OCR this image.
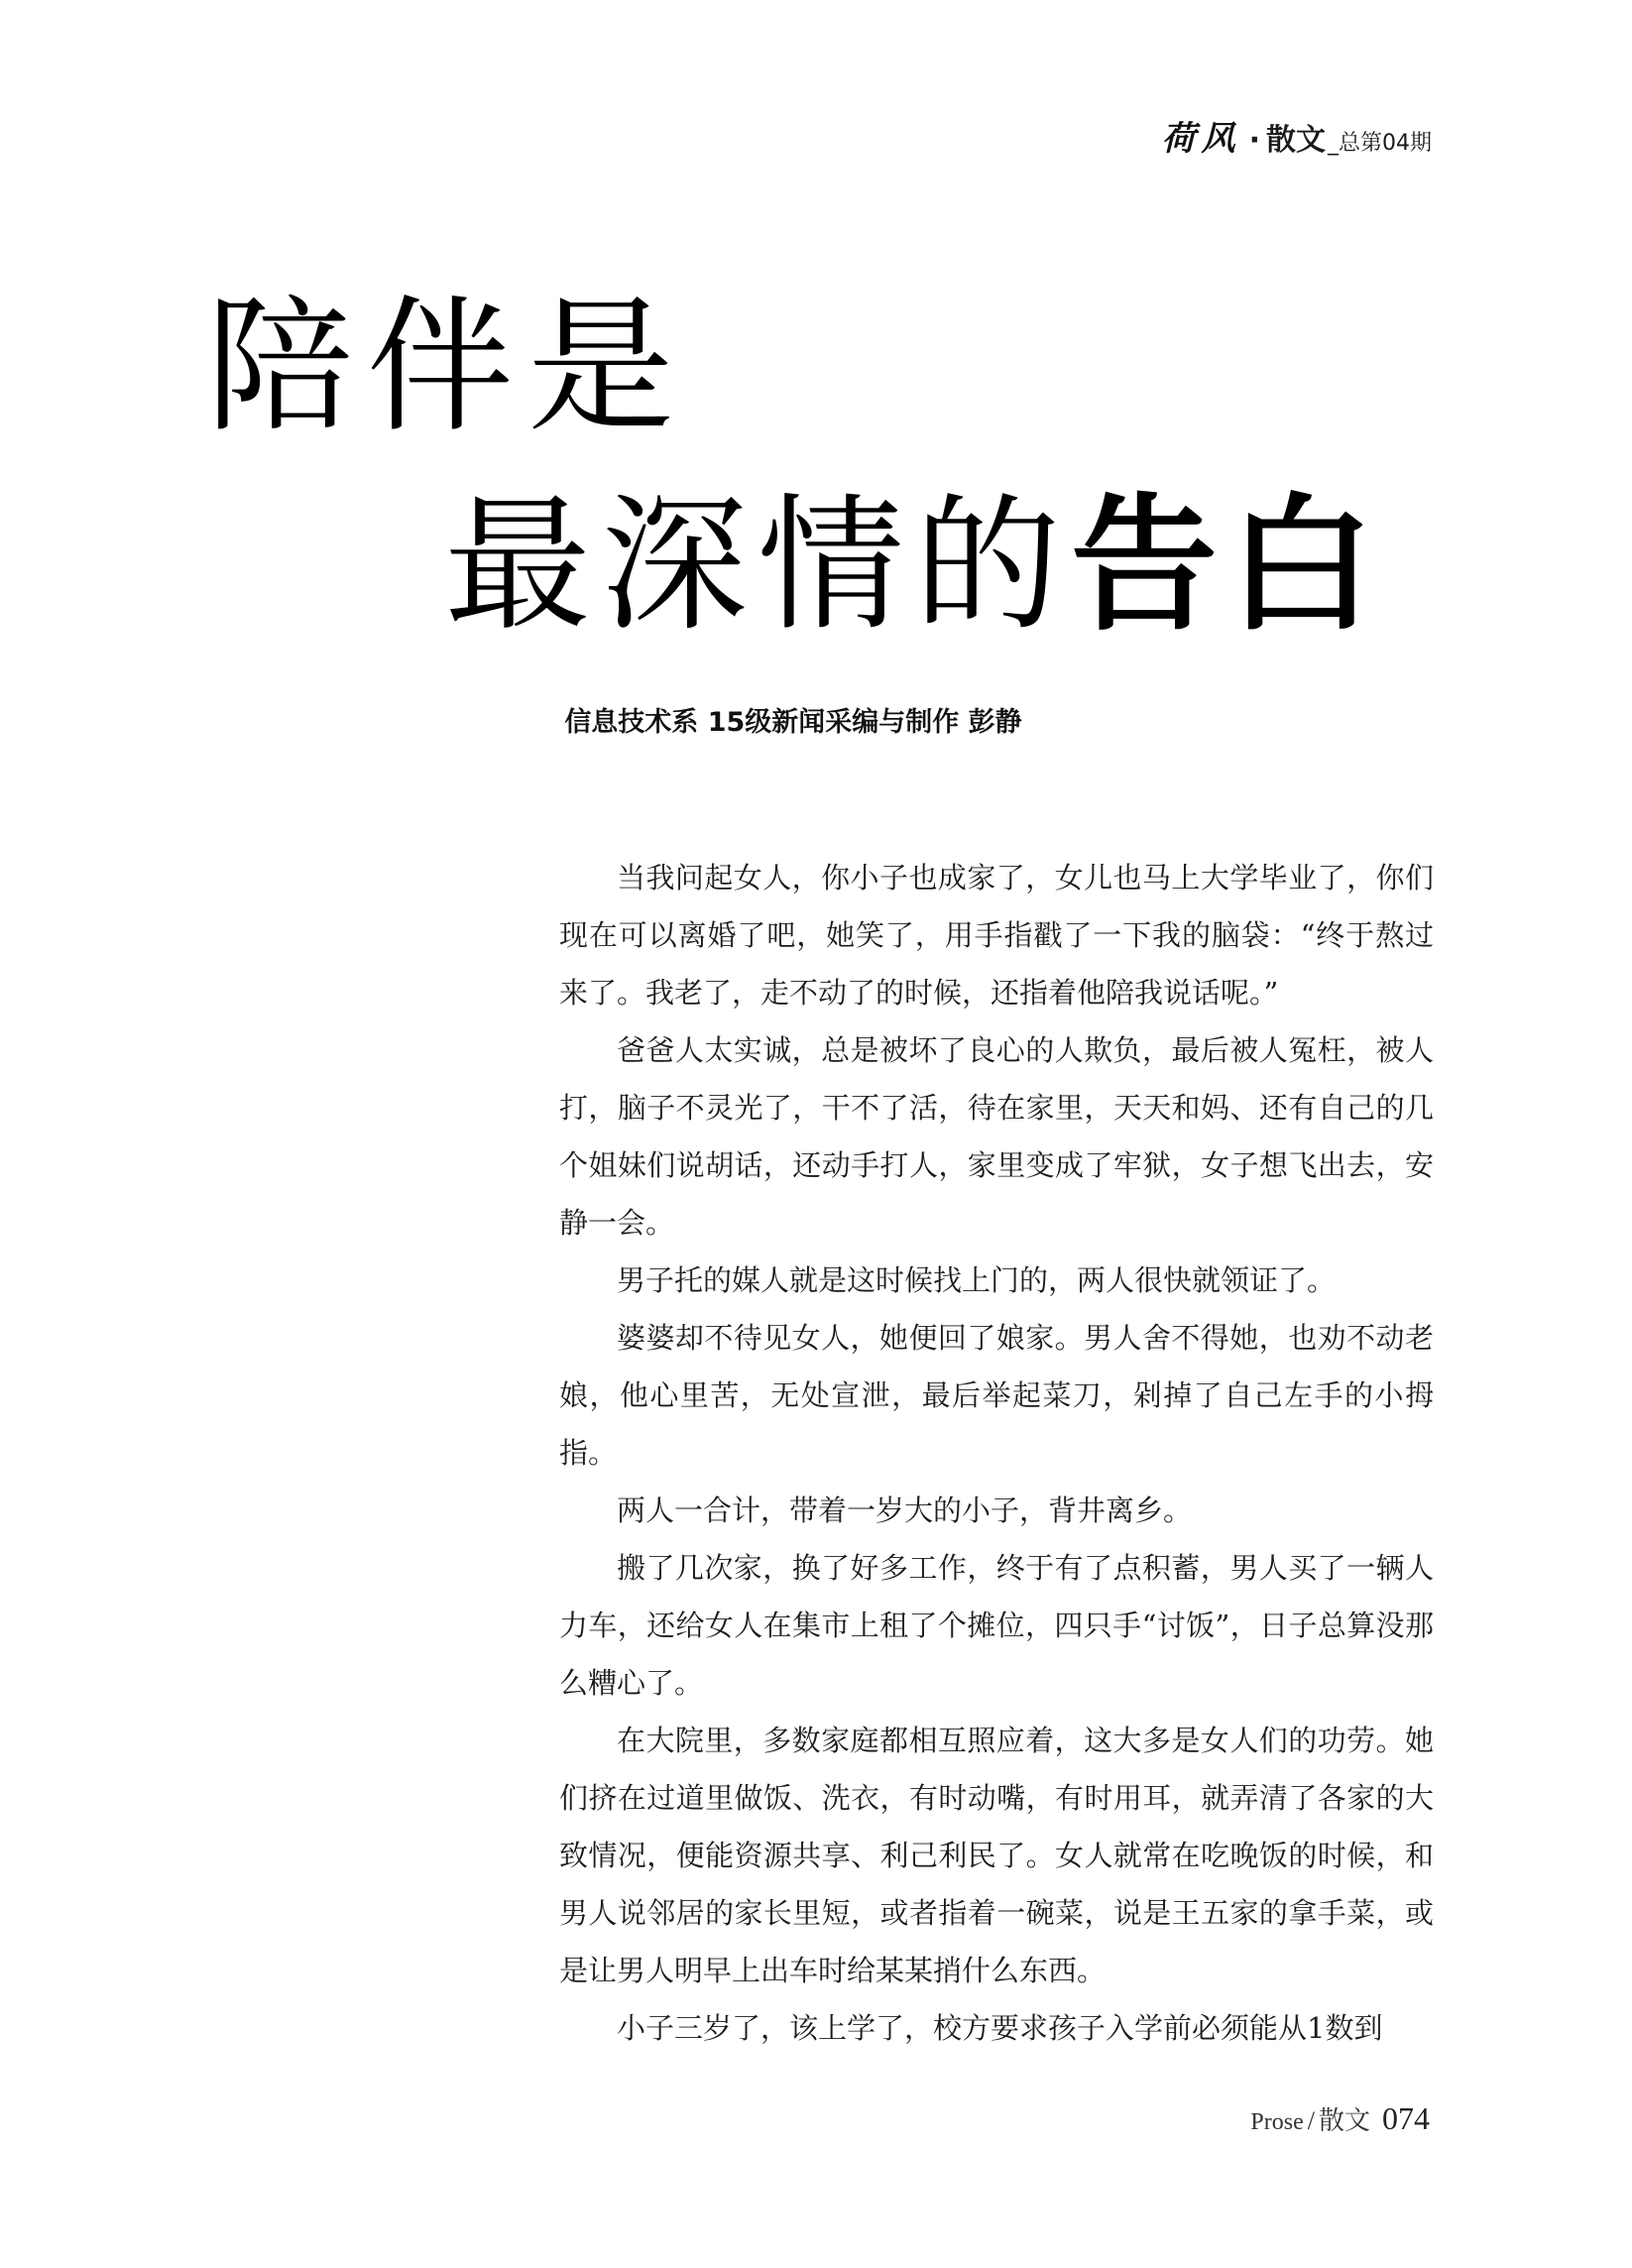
荷风 · 散文 _总第04期
陪伴是
最深情的告白
信息技术系 15级新闻采编与制作 彭静

当我问起女人，你小子也成家了，女儿也马上大学毕业了，你们现在可以离婚了吧，她笑了，用手指戳了一下我的脑袋：“终于熬过来了。我老了，走不动了的时候，还指着他陪我说话呢。”

爸爸人太实诚，总是被坏了良心的人欺负，最后被人冤枉，被人打，脑子不灵光了，干不了活，待在家里，天天和妈、还有自己的几个姐妹们说胡话，还动手打人，家里变成了牢狱，女子想飞出去，安静一会。

男子托的媒人就是这时候找上门的，两人很快就领证了。

婆婆却不待见女人，她便回了娘家。男人舍不得她，也劝不动老娘，他心里苦，无处宣泄，最后举起菜刀，剁掉了自己左手的小拇指。

两人一合计，带着一岁大的小子，背井离乡。

搬了几次家，换了好多工作，终于有了点积蓄，男人买了一辆人力车，还给女人在集市上租了个摊位，四只手“讨饭”，日子总算没那么糟心了。

在大院里，多数家庭都相互照应着，这大多是女人们的功劳。她们挤在过道里做饭、洗衣，有时动嘴，有时用耳，就弄清了各家的大致情况，便能资源共享、利己利民了。女人就常在吃晚饭的时候，和男人说邻居的家长里短，或者指着一碗菜，说是王五家的拿手菜，或是让男人明早上出车时给某某捎什么东西。

小子三岁了，该上学了，校方要求孩子入学前必须能从1数到

Prose / 散文 074
